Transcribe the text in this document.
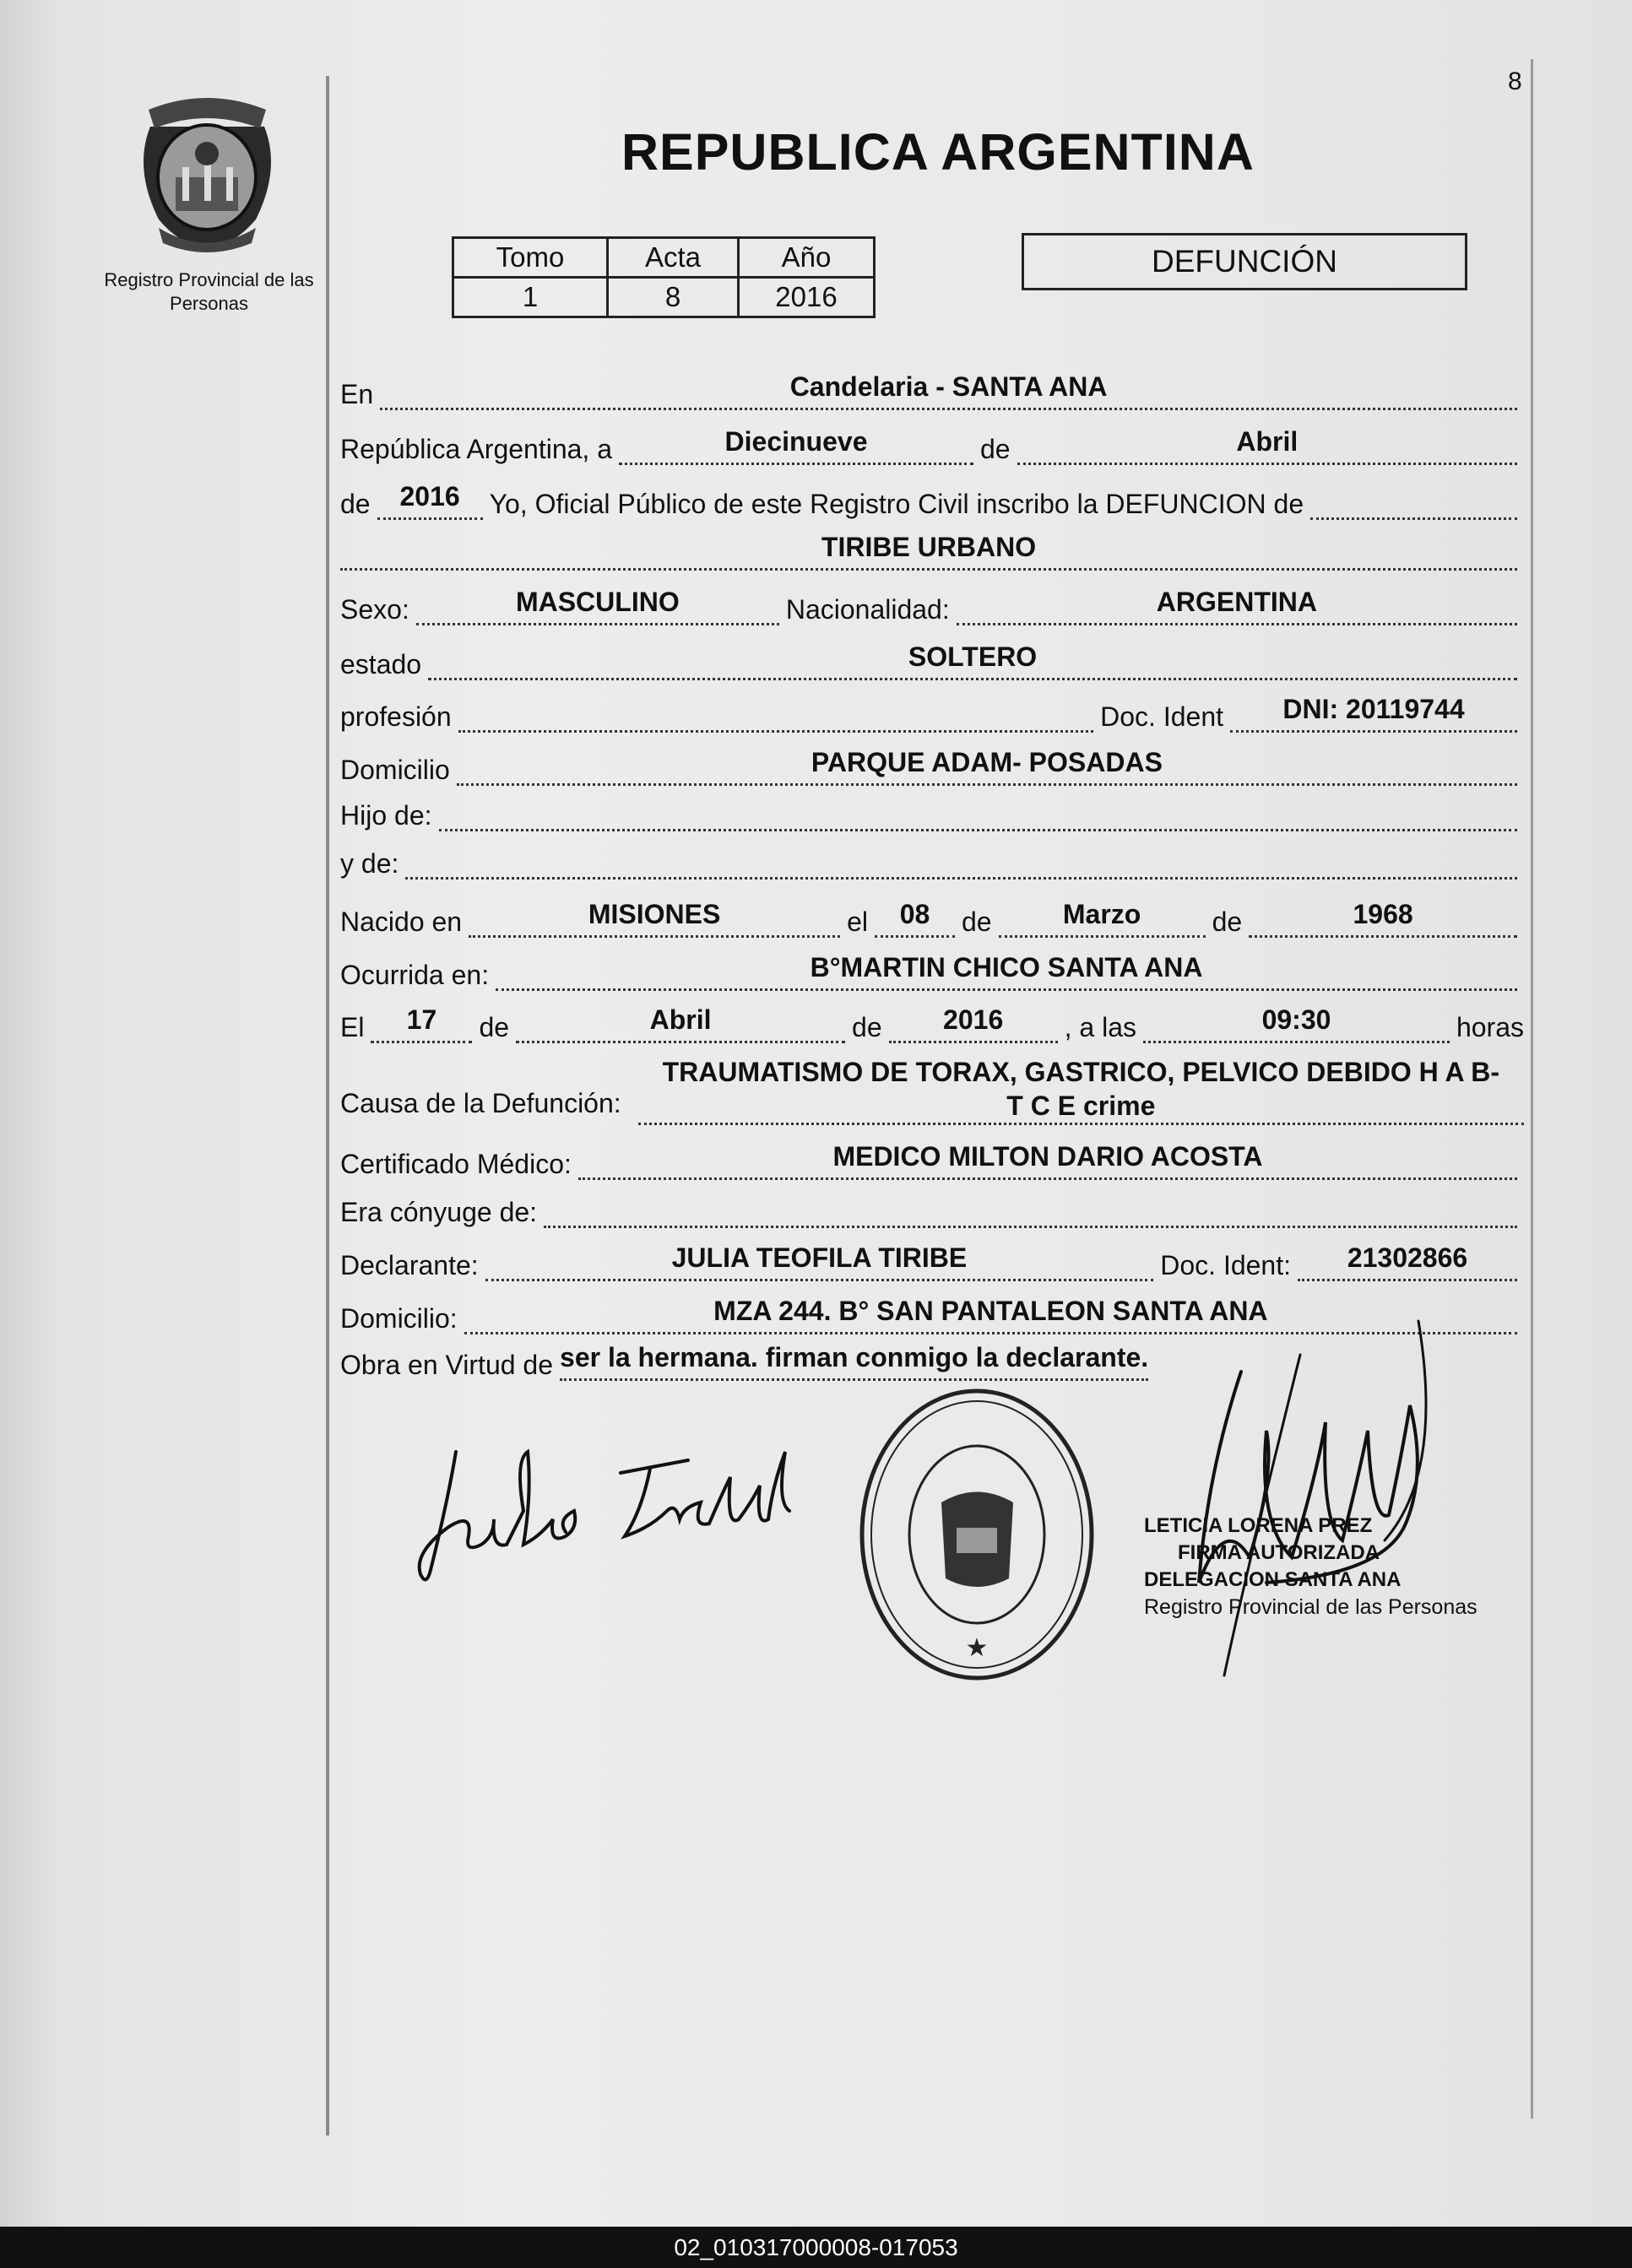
8
Registro Provincial de las Personas
REPUBLICA ARGENTINA
Tomo	Acta	Año
1	8	2016
DEFUNCIÓN
En	Candelaria - SANTA ANA
República Argentina, a	Diecinueve	de	Abril
de	2016	Yo, Oficial Público de este Registro Civil inscribo la DEFUNCION de
TIRIBE URBANO
Sexo:	MASCULINO	Nacionalidad:	ARGENTINA
estado	SOLTERO
profesión	Doc. Ident	DNI: 20119744
Domicilio	PARQUE ADAM- POSADAS
Hijo de:
y de:
Nacido en	MISIONES	el	08	de	Marzo	de	1968
Ocurrida en:	B°MARTIN CHICO SANTA ANA
El	17	de	Abril	de	2016	, a las	09:30	horas
Causa de la Defunción:
TRAUMATISMO DE TORAX, GASTRICO, PELVICO DEBIDO H A B-
T C E crime
Certificado Médico:	MEDICO MILTON DARIO ACOSTA
Era cónyuge de:
Declarante:	JULIA TEOFILA TIRIBE	Doc. Ident:	21302866
Domicilio:	MZA 244. B° SAN PANTALEON SANTA ANA
Obra en Virtud de ser la hermana. firman conmigo la declarante.
★
LETICIA LORENA PREZ
FIRMA AUTORIZADA
DELEGACION SANTA ANA
Registro Provincial de las Personas
02_010317000008-017053
